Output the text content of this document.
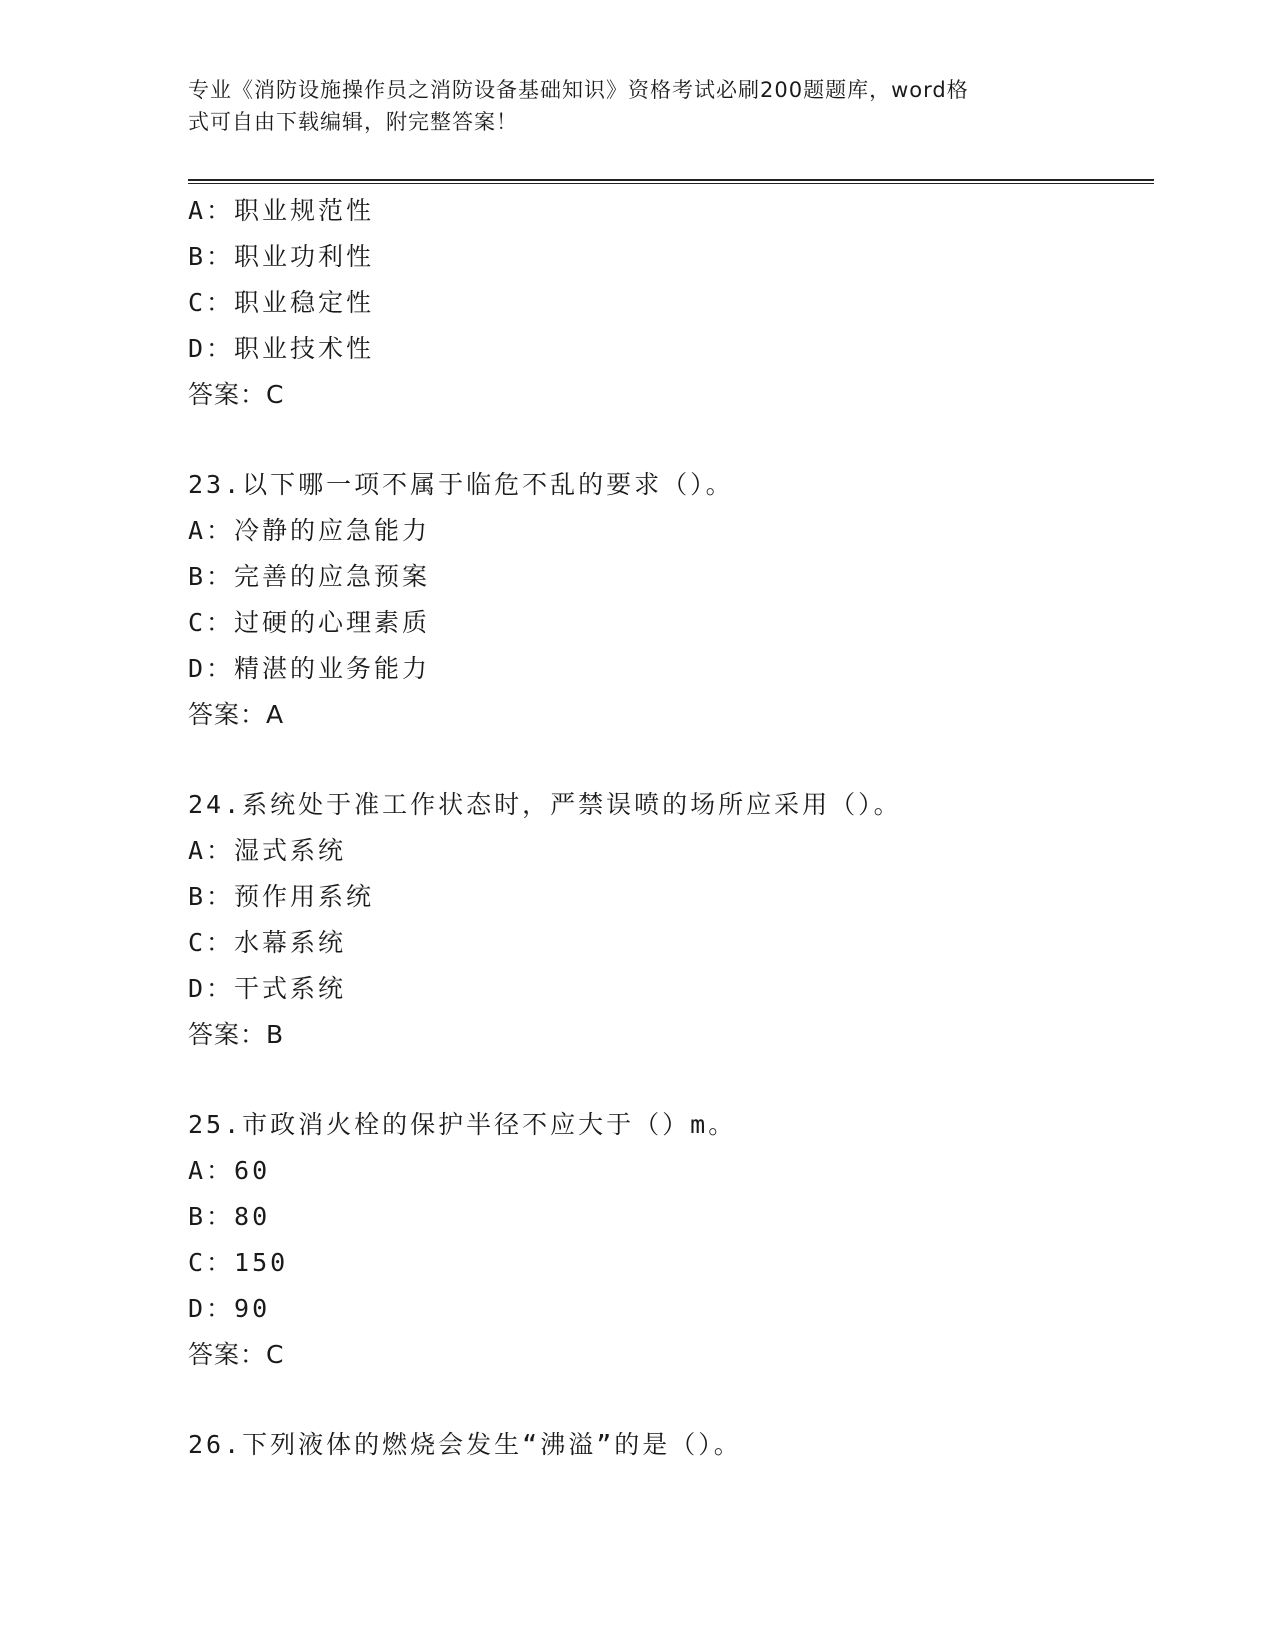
专业《消防设施操作员之消防设备基础知识》资格考试必刷200题题库，word格
式可自由下载编辑，附完整答案！
A：职业规范性
B：职业功利性
C：职业稳定性
D：职业技术性
答案：C
23.以下哪一项不属于临危不乱的要求（）。
A：冷静的应急能力
B：完善的应急预案
C：过硬的心理素质
D：精湛的业务能力
答案：A
24.系统处于准工作状态时，严禁误喷的场所应采用（）。
A：湿式系统
B：预作用系统
C：水幕系统
D：干式系统
答案：B
25.市政消火栓的保护半径不应大于（）m。
A：60
B：80
C：150
D：90
答案：C
26.下列液体的燃烧会发生“沸溢”的是（）。
